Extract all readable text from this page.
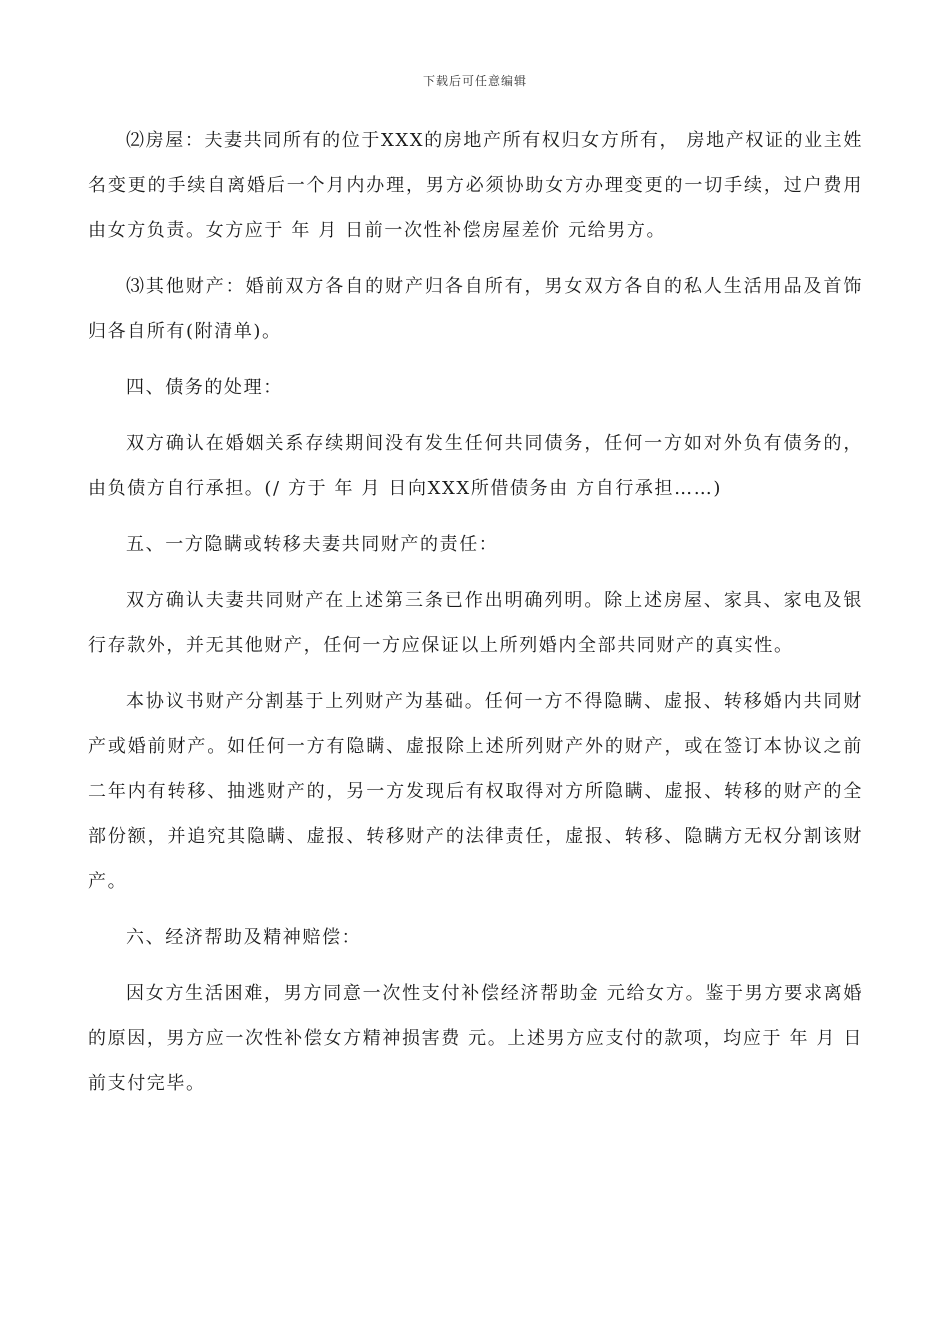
下载后可任意编辑

⑵房屋：夫妻共同所有的位于XXX的房地产所有权归女方所有， 房地产权证的业主姓名变更的手续自离婚后一个月内办理，男方必须协助女方办理变更的一切手续，过户费用由女方负责。女方应于 年 月 日前一次性补偿房屋差价 元给男方。

⑶其他财产：婚前双方各自的财产归各自所有，男女双方各自的私人生活用品及首饰归各自所有(附清单)。

四、债务的处理：

双方确认在婚姻关系存续期间没有发生任何共同债务，任何一方如对外负有债务的，由负债方自行承担。(/ 方于 年 月 日向XXX所借债务由 方自行承担……)

五、一方隐瞒或转移夫妻共同财产的责任：

双方确认夫妻共同财产在上述第三条已作出明确列明。除上述房屋、家具、家电及银行存款外，并无其他财产，任何一方应保证以上所列婚内全部共同财产的真实性。

本协议书财产分割基于上列财产为基础。任何一方不得隐瞒、虚报、转移婚内共同财产或婚前财产。如任何一方有隐瞒、虚报除上述所列财产外的财产，或在签订本协议之前 二年内有转移、抽逃财产的，另一方发现后有权取得对方所隐瞒、虚报、转移的财产的全部份额，并追究其隐瞒、虚报、转移财产的法律责任，虚报、转移、隐瞒方无权分割该财产。

六、经济帮助及精神赔偿：

因女方生活困难，男方同意一次性支付补偿经济帮助金 元给女方。鉴于男方要求离婚的原因，男方应一次性补偿女方精神损害费 元。上述男方应支付的款项，均应于 年 月 日前支付完毕。
